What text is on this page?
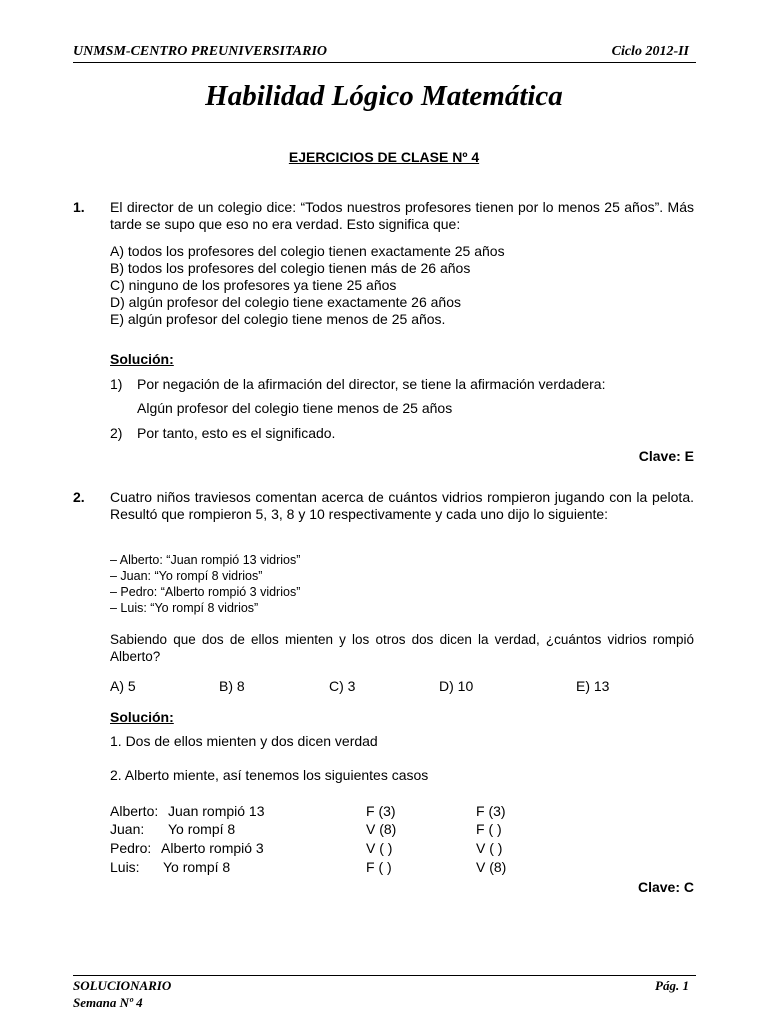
UNMSM-CENTRO PREUNIVERSITARIO	Ciclo 2012-II
Habilidad Lógico Matemática
EJERCICIOS DE CLASE Nº 4
1. El director de un colegio dice: “Todos nuestros profesores tienen por lo menos 25 años”. Más tarde se supo que eso no era verdad. Esto significa que:
A) todos los profesores del colegio tienen exactamente 25 años
B) todos los profesores del colegio tienen más de 26 años
C) ninguno de los profesores ya tiene 25 años
D) algún profesor del colegio tiene exactamente 26 años
E) algún profesor del colegio tiene menos de 25 años.
Solución:
1) Por negación de la afirmación del director, se tiene la afirmación verdadera:
Algún profesor del colegio tiene menos de 25 años
2) Por tanto, esto es el significado.
Clave: E
2. Cuatro niños traviesos comentan acerca de cuántos vidrios rompieron jugando con la pelota. Resultó que rompieron 5, 3, 8 y 10 respectivamente y cada uno dijo lo siguiente:
– Alberto: “Juan rompió 13 vidrios”
– Juan: “Yo rompí 8 vidrios”
– Pedro: “Alberto rompió 3 vidrios”
– Luis: “Yo rompí 8 vidrios”
Sabiendo que dos de ellos mienten y los otros dos dicen la verdad, ¿cuántos vidrios rompió Alberto?
A) 5	B) 8	C) 3	D) 10	E) 13
Solución:
1. Dos de ellos mienten y dos dicen verdad
2. Alberto miente, así tenemos los siguientes casos
Alberto: Juan rompió 13	F (3)	F (3)
Juan: Yo rompí 8	V (8)	F ( )
Pedro: Alberto rompió 3	V ( )	V ( )
Luis: Yo rompí 8	F ( )	V (8)
Clave: C
SOLUCIONARIO
Semana Nº 4
Pág. 1
